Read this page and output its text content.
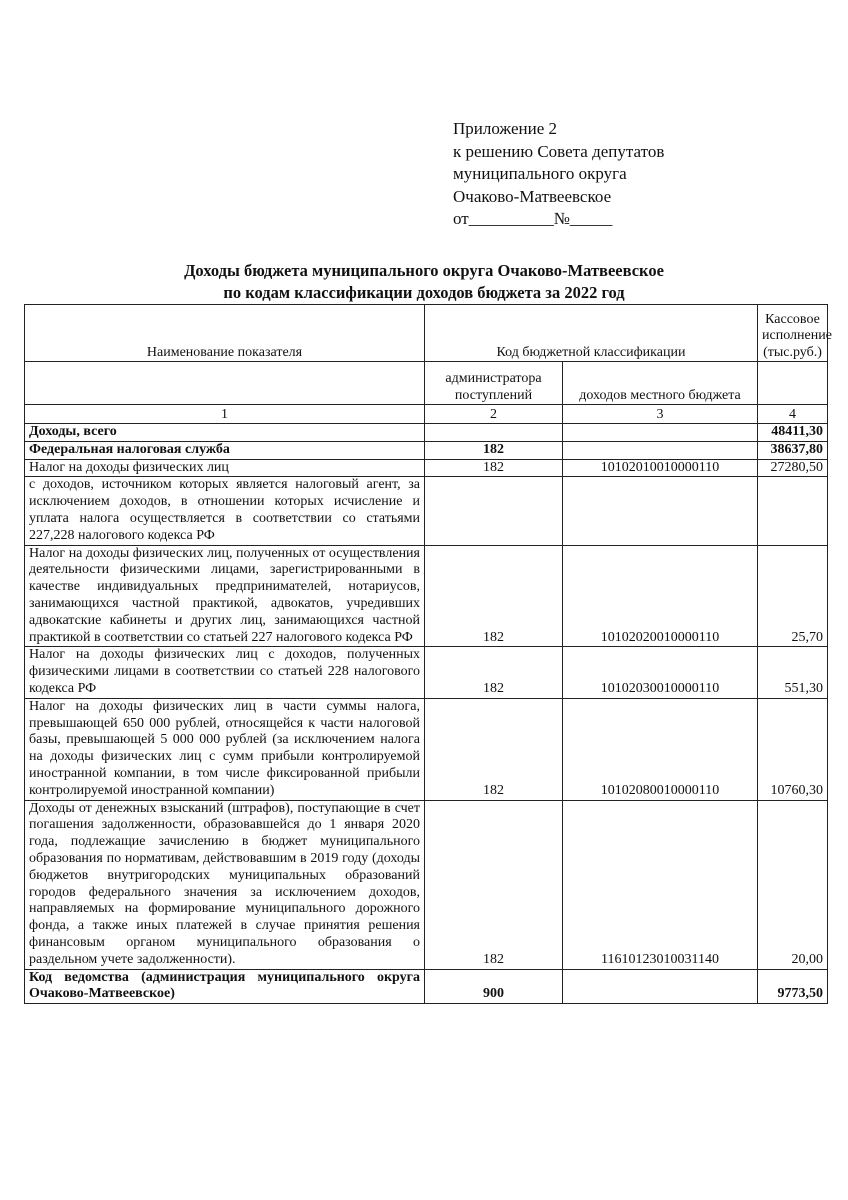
Приложение 2
к решению Совета депутатов
муниципального округа
Очаково-Матвеевское
от__________№_____
Доходы бюджета муниципального округа Очаково-Матвеевское
по кодам классификации доходов бюджета за 2022 год
Наименование показателя	Код бюджетной классификации		Кассовое исполнение (тыс.руб.)
	администратора поступлений	доходов местного бюджета	
1	2	3	4
Доходы, всего			48411,30
Федеральная налоговая служба	182		38637,80
Налог на доходы физических лиц	182	10102010010000110	27280,50
с доходов, источником которых является налоговый агент, за исключением доходов, в отношении которых исчисление и уплата налога осуществляется в соответствии со статьями 227,228 налогового кодекса РФ			
Налог на доходы физических лиц, полученных от осуществления деятельности физическими лицами, зарегистрированными в качестве индивидуальных предпринимателей, нотариусов, занимающихся частной практикой, адвокатов, учредивших адвокатские кабинеты и других лиц, занимающихся частной практикой в соответствии со статьей 227 налогового кодекса РФ	182	10102020010000110	25,70
Налог на доходы физических лиц с доходов, полученных физическими лицами в соответствии со статьей 228 налогового кодекса РФ	182	10102030010000110	551,30
Налог на доходы физических лиц в части суммы налога, превышающей 650 000 рублей, относящейся к части налоговой базы, превышающей 5 000 000 рублей (за исключением налога на доходы физических лиц с сумм прибыли контролируемой иностранной компании, в том числе фиксированной прибыли контролируемой иностранной компании)	182	10102080010000110	10760,30
Доходы от денежных взысканий (штрафов), поступающие в счет погашения задолженности, образовавшейся до 1 января 2020 года, подлежащие зачислению в бюджет муниципального образования по нормативам, действовавшим в 2019 году (доходы бюджетов внутригородских муниципальных образований городов федерального значения за исключением доходов, направляемых на формирование муниципального дорожного фонда, а также иных платежей в случае принятия решения финансовым органом муниципального образования о раздельном учете задолженности).	182	11610123010031140	20,00
Код ведомства (администрация муниципального округа Очаково-Матвеевское)	900		9773,50
